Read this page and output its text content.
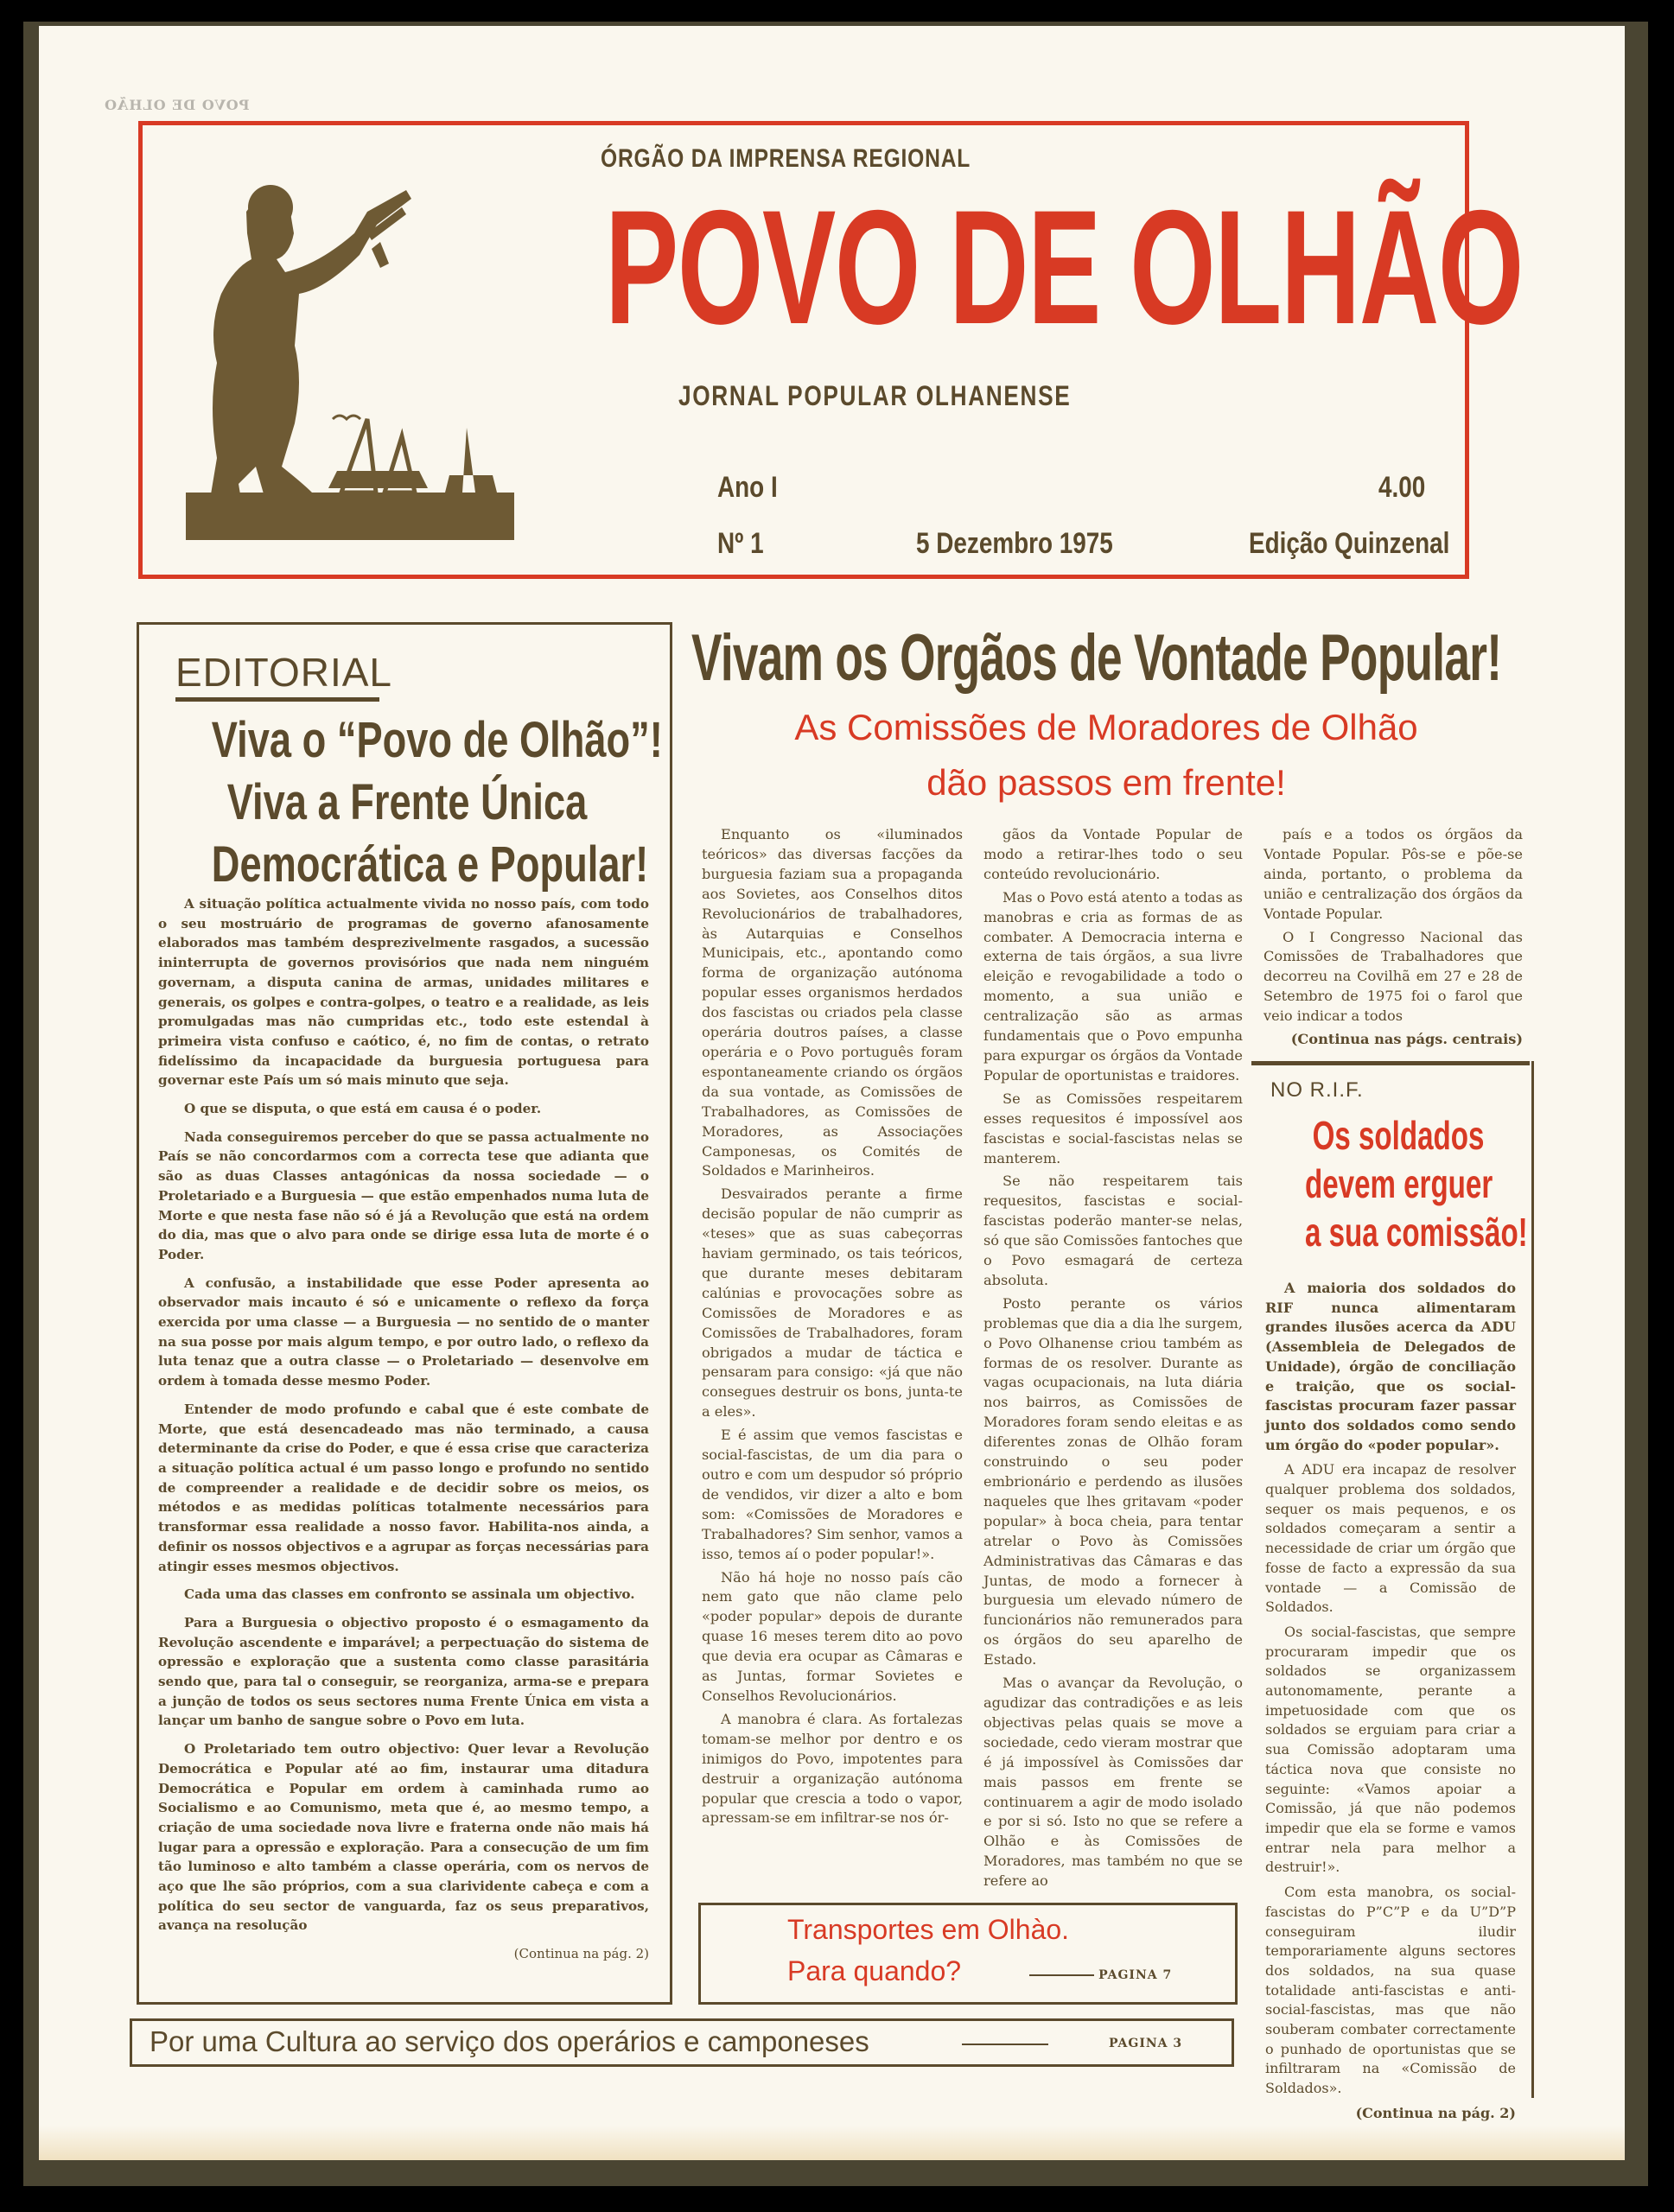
POVO DE OLHÃO
ÓRGÃO DA IMPRENSA REGIONAL
POVO DE OLHÃO
JORNAL POPULAR OLHANENSE
Ano I	4.00
Nº 1	5 Dezembro 1975	Edição Quinzenal
EDITORIAL
Viva o “Povo de Olhão”!
Viva a Frente Única
Democrática e Popular!

A situação política actualmente vivida no nosso país, com todo o seu mostruário de programas de governo afanosamente elaborados mas também desprezivelmente rasgados, a sucessão ininterrupta de governos provisórios que nada nem ninguém governam, a disputa canina de armas, unidades militares e generais, os golpes e contra-golpes, o teatro e a realidade, as leis promulgadas mas não cumpridas etc., todo este estendal à primeira vista confuso e caótico, é, no fim de contas, o retrato fidelíssimo da incapacidade da burguesia portuguesa para governar este País um só mais minuto que seja.

O que se disputa, o que está em causa é o poder.

Nada conseguiremos perceber do que se passa actualmente no País se não concordarmos com a correcta tese que adianta que são as duas Classes antagónicas da nossa sociedade — o Proletariado e a Burguesia — que estão empenhados numa luta de Morte e que nesta fase não só é já a Revolução que está na ordem do dia, mas que o alvo para onde se dirige essa luta de morte é o Poder.

A confusão, a instabilidade que esse Poder apresenta ao observador mais incauto é só e unicamente o reflexo da força exercida por uma classe — a Burguesia — no sentido de o manter na sua posse por mais algum tempo, e por outro lado, o reflexo da luta tenaz que a outra classe — o Proletariado — desenvolve em ordem à tomada desse mesmo Poder.

Entender de modo profundo e cabal que é este combate de Morte, que está desencadeado mas não terminado, a causa determinante da crise do Poder, e que é essa crise que caracteriza a situação política actual é um passo longo e profundo no sentido de compreender a realidade e de decidir sobre os meios, os métodos e as medidas políticas totalmente necessários para transformar essa realidade a nosso favor. Habilita-nos ainda, a definir os nossos objectivos e a agrupar as forças necessárias para atingir esses mesmos objectivos.

Cada uma das classes em confronto se assinala um objectivo.

Para a Burguesia o objectivo proposto é o esmagamento da Revolução ascendente e imparável; a perpectuação do sistema de opressão e exploração que a sustenta como classe parasitária sendo que, para tal o conseguir, se reorganiza, arma-se e prepara a junção de todos os seus sectores numa Frente Única em vista a lançar um banho de sangue sobre o Povo em luta.

O Proletariado tem outro objectivo: Quer levar a Revolução Democrática e Popular até ao fim, instaurar uma ditadura Democrática e Popular em ordem à caminhada rumo ao Socialismo e ao Comunismo, meta que é, ao mesmo tempo, a criação de uma sociedade nova livre e fraterna onde não mais há lugar para a opressão e exploração. Para a consecução de um fim tão luminoso e alto também a classe operária, com os nervos de aço que lhe são próprios, com a sua clarividente cabeça e com a política do seu sector de vanguarda, faz os seus preparativos, avança na resolução

(Continua na pág. 2)
Vivam os Orgãos de Vontade Popular!
As Comissões de Moradores de Olhão
dão passos em frente!

Enquanto os «iluminados teóricos» das diversas facções da burguesia faziam sua a propaganda aos Sovietes, aos Conselhos ditos Revolucionários de trabalhadores, às Autarquias e Conselhos Municipais, etc., apontando como forma de organização autónoma popular esses organismos herdados dos fascistas ou criados pela classe operária doutros países, a classe operária e o Povo português foram espontaneamente criando os órgãos da sua vontade, as Comissões de Trabalhadores, as Comissões de Moradores, as Associações Camponesas, os Comités de Soldados e Marinheiros.

Desvairados perante a firme decisão popular de não cumprir as «teses» que as suas cabeçorras haviam germinado, os tais teóricos, que durante meses debitaram calúnias e provocações sobre as Comissões de Moradores e as Comissões de Trabalhadores, foram obrigados a mudar de táctica e pensaram para consigo: «já que não consegues destruir os bons, junta-te a eles».

E é assim que vemos fascistas e social-fascistas, de um dia para o outro e com um despudor só próprio de vendidos, vir dizer a alto e bom som: «Comissões de Moradores e Trabalhadores? Sim senhor, vamos a isso, temos aí o poder popular!».

Não há hoje no nosso país cão nem gato que não clame pelo «poder popular» depois de durante quase 16 meses terem dito ao povo que devia era ocupar as Câmaras e as Juntas, formar Sovietes e Conselhos Revolucionários.

A manobra é clara. As fortalezas tomam-se melhor por dentro e os inimigos do Povo, impotentes para destruir a organização autónoma popular que crescia a todo o vapor, apressam-se em infiltrar-se nos ór-

gãos da Vontade Popular de modo a retirar-lhes todo o seu conteúdo revolucionário.

Mas o Povo está atento a todas as manobras e cria as formas de as combater. A Democracia interna e externa de tais órgãos, a sua livre eleição e revogabilidade a todo o momento, a sua união e centralização são as armas fundamentais que o Povo empunha para expurgar os órgãos da Vontade Popular de oportunistas e traidores.

Se as Comissões respeitarem esses requesitos é impossível aos fascistas e social-fascistas nelas se manterem.

Se não respeitarem tais requesitos, fascistas e social-fascistas poderão manter-se nelas, só que são Comissões fantoches que o Povo esmagará de certeza absoluta.

Posto perante os vários problemas que dia a dia lhe surgem, o Povo Olhanense criou também as formas de os resolver. Durante as vagas ocupacionais, na luta diária nos bairros, as Comissões de Moradores foram sendo eleitas e as diferentes zonas de Olhão foram construindo o seu poder embrionário e perdendo as ilusões naqueles que lhes gritavam «poder popular» à boca cheia, para tentar atrelar o Povo às Comissões Administrativas das Câmaras e das Juntas, de modo a fornecer à burguesia um elevado número de funcionários não remunerados para os órgãos do seu aparelho de Estado.

Mas o avançar da Revolução, o agudizar das contradições e as leis objectivas pelas quais se move a sociedade, cedo vieram mostrar que é já impossível às Comissões dar mais passos em frente se continuarem a agir de modo isolado e por si só. Isto no que se refere a Olhão e às Comissões de Moradores, mas também no que se refere ao

país e a todos os órgãos da Vontade Popular. Pôs-se e põe-se ainda, portanto, o problema da união e centralização dos órgãos da Vontade Popular.

O I Congresso Nacional das Comissões de Trabalhadores que decorreu na Covilhã em 27 e 28 de Setembro de 1975 foi o farol que veio indicar a todos

(Continua nas págs. centrais)
NO R.I.F.
Os soldados
devem erguer
a sua comissão!

A maioria dos soldados do RIF nunca alimentaram grandes ilusões acerca da ADU (Assembleia de Delegados de Unidade), órgão de conciliação e traição, que os social-fascistas procuram fazer passar junto dos soldados como sendo um órgão do «poder popular».

A ADU era incapaz de resolver qualquer problema dos soldados, sequer os mais pequenos, e os soldados começaram a sentir a necessidade de criar um órgão que fosse de facto a expressão da sua vontade — a Comissão de Soldados.

Os social-fascistas, que sempre procuraram impedir que os soldados se organizassem autonomamente, perante a impetuosidade com que os soldados se erguiam para criar a sua Comissão adoptaram uma táctica nova que consiste no seguinte: «Vamos apoiar a Comissão, já que não podemos impedir que ela se forme e vamos entrar nela para melhor a destruir!».

Com esta manobra, os social-fascistas do P”C”P e da U”D”P conseguiram iludir temporariamente alguns sectores dos soldados, na sua quase totalidade anti-fascistas e anti-social-fascistas, mas que não souberam combater correctamente o punhado de oportunistas que se infiltraram na «Comissão de Soldados».

(Continua na pág. 2)
Transportes em Olhào.
Para quando?	PAGINA 7
Por uma Cultura ao serviço dos operários e camponeses	PAGINA 3
